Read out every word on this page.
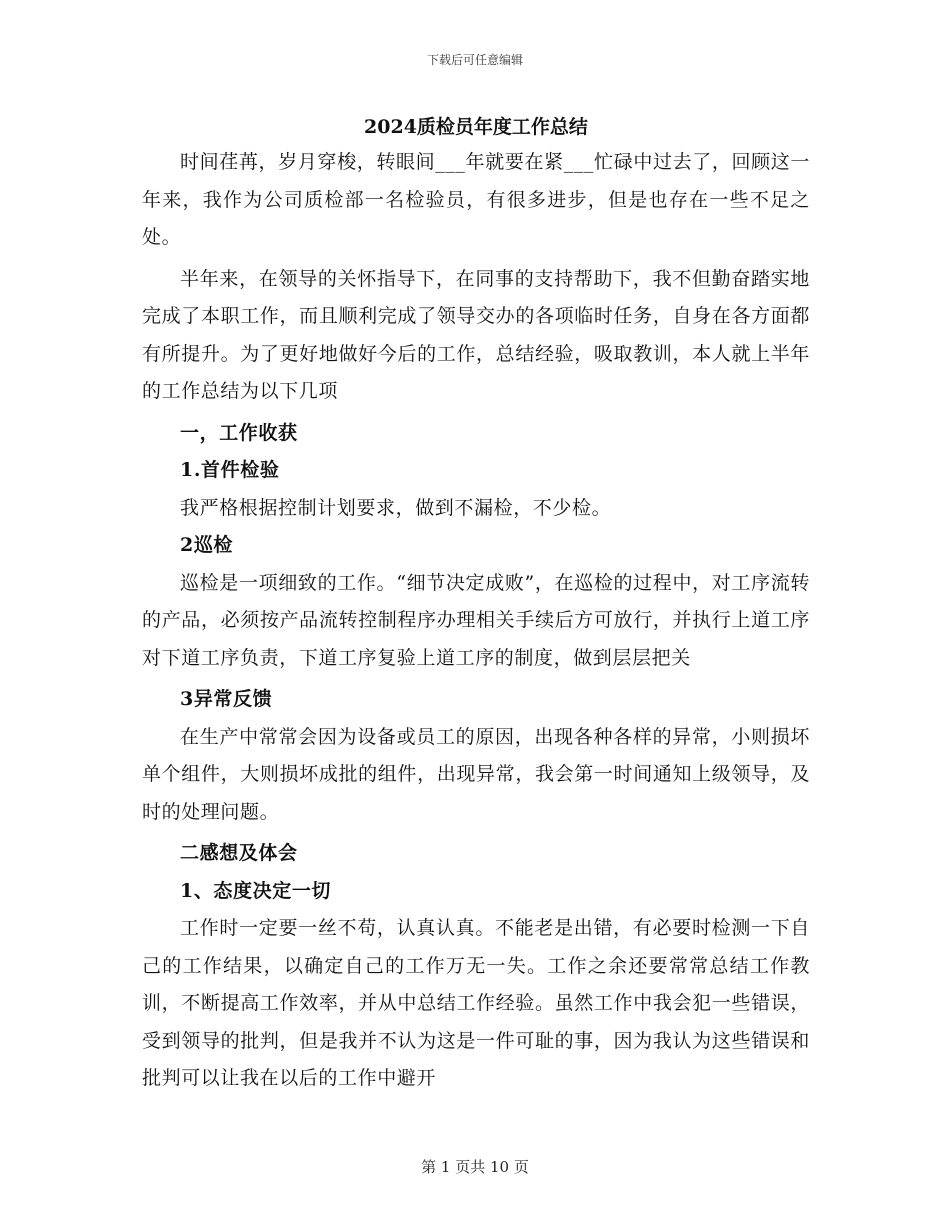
下载后可任意编辑
2024质检员年度工作总结

时间荏苒，岁月穿梭，转眼间___年就要在紧___忙碌中过去了，回顾这一年来，我作为公司质检部一名检验员，有很多进步，但是也存在一些不足之处。

半年来，在领导的关怀指导下，在同事的支持帮助下，我不但勤奋踏实地完成了本职工作，而且顺利完成了领导交办的各项临时任务，自身在各方面都有所提升。为了更好地做好今后的工作，总结经验，吸取教训，本人就上半年的工作总结为以下几项

一，工作收获

1.首件检验

我严格根据控制计划要求，做到不漏检，不少检。

2巡检

巡检是一项细致的工作。“细节决定成败”，在巡检的过程中，对工序流转的产品，必须按产品流转控制程序办理相关手续后方可放行，并执行上道工序对下道工序负责，下道工序复验上道工序的制度，做到层层把关

3异常反馈

在生产中常常会因为设备或员工的原因，出现各种各样的异常，小则损坏单个组件，大则损坏成批的组件，出现异常，我会第一时间通知上级领导，及时的处理问题。

二感想及体会

1、态度决定一切

工作时一定要一丝不苟，认真认真。不能老是出错，有必要时检测一下自己的工作结果，以确定自己的工作万无一失。工作之余还要常常总结工作教训，不断提高工作效率，并从中总结工作经验。虽然工作中我会犯一些错误，受到领导的批判，但是我并不认为这是一件可耻的事，因为我认为这些错误和批判可以让我在以后的工作中避开

第 1 页共 10 页
